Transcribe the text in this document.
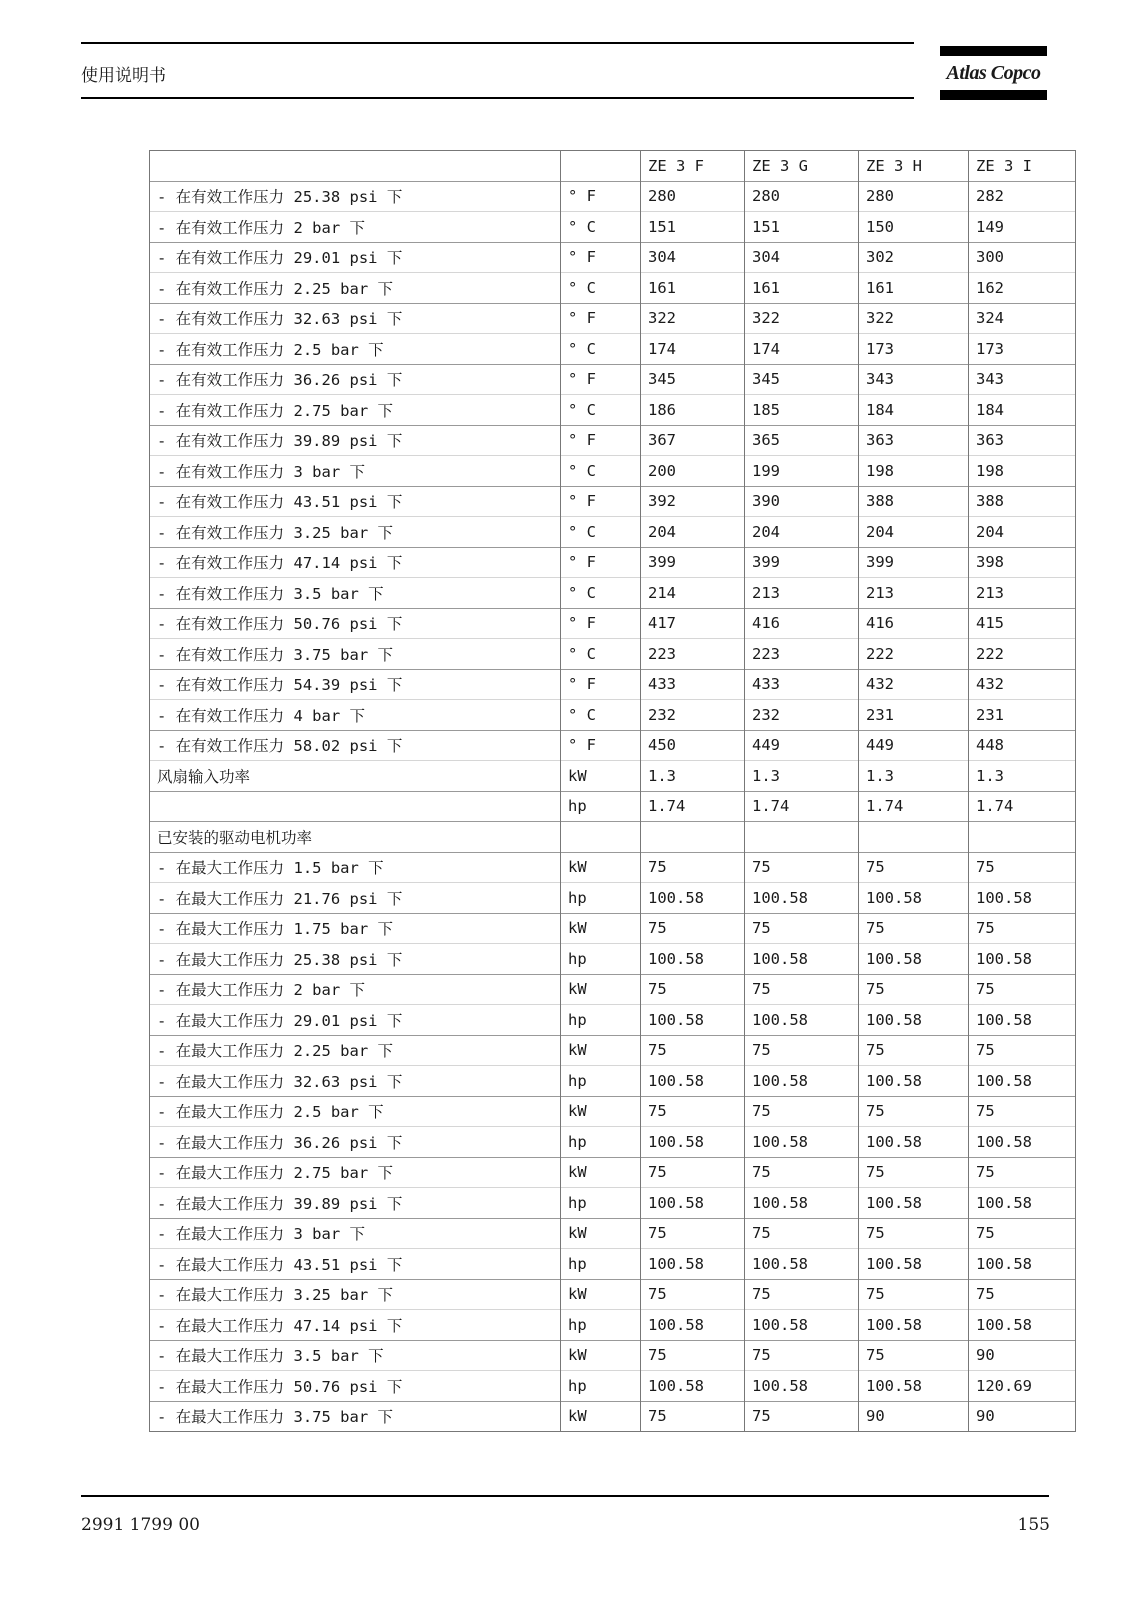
使用说明书	Atlas Copco
		ZE 3 F	ZE 3 G	ZE 3 H	ZE 3 I
- 在有效工作压力 25.38 psi 下	° F	280	280	280	282
- 在有效工作压力 2 bar 下	° C	151	151	150	149
- 在有效工作压力 29.01 psi 下	° F	304	304	302	300
- 在有效工作压力 2.25 bar 下	° C	161	161	161	162
- 在有效工作压力 32.63 psi 下	° F	322	322	322	324
- 在有效工作压力 2.5 bar 下	° C	174	174	173	173
- 在有效工作压力 36.26 psi 下	° F	345	345	343	343
- 在有效工作压力 2.75 bar 下	° C	186	185	184	184
- 在有效工作压力 39.89 psi 下	° F	367	365	363	363
- 在有效工作压力 3 bar 下	° C	200	199	198	198
- 在有效工作压力 43.51 psi 下	° F	392	390	388	388
- 在有效工作压力 3.25 bar 下	° C	204	204	204	204
- 在有效工作压力 47.14 psi 下	° F	399	399	399	398
- 在有效工作压力 3.5 bar 下	° C	214	213	213	213
- 在有效工作压力 50.76 psi 下	° F	417	416	416	415
- 在有效工作压力 3.75 bar 下	° C	223	223	222	222
- 在有效工作压力 54.39 psi 下	° F	433	433	432	432
- 在有效工作压力 4 bar 下	° C	232	232	231	231
- 在有效工作压力 58.02 psi 下	° F	450	449	449	448
风扇输入功率	kW	1.3	1.3	1.3	1.3
	hp	1.74	1.74	1.74	1.74
已安装的驱动电机功率					
- 在最大工作压力 1.5 bar 下	kW	75	75	75	75
- 在最大工作压力 21.76 psi 下	hp	100.58	100.58	100.58	100.58
- 在最大工作压力 1.75 bar 下	kW	75	75	75	75
- 在最大工作压力 25.38 psi 下	hp	100.58	100.58	100.58	100.58
- 在最大工作压力 2 bar 下	kW	75	75	75	75
- 在最大工作压力 29.01 psi 下	hp	100.58	100.58	100.58	100.58
- 在最大工作压力 2.25 bar 下	kW	75	75	75	75
- 在最大工作压力 32.63 psi 下	hp	100.58	100.58	100.58	100.58
- 在最大工作压力 2.5 bar 下	kW	75	75	75	75
- 在最大工作压力 36.26 psi 下	hp	100.58	100.58	100.58	100.58
- 在最大工作压力 2.75 bar 下	kW	75	75	75	75
- 在最大工作压力 39.89 psi 下	hp	100.58	100.58	100.58	100.58
- 在最大工作压力 3 bar 下	kW	75	75	75	75
- 在最大工作压力 43.51 psi 下	hp	100.58	100.58	100.58	100.58
- 在最大工作压力 3.25 bar 下	kW	75	75	75	75
- 在最大工作压力 47.14 psi 下	hp	100.58	100.58	100.58	100.58
- 在最大工作压力 3.5 bar 下	kW	75	75	75	90
- 在最大工作压力 50.76 psi 下	hp	100.58	100.58	100.58	120.69
- 在最大工作压力 3.75 bar 下	kW	75	75	90	90
2991 1799 00	155
